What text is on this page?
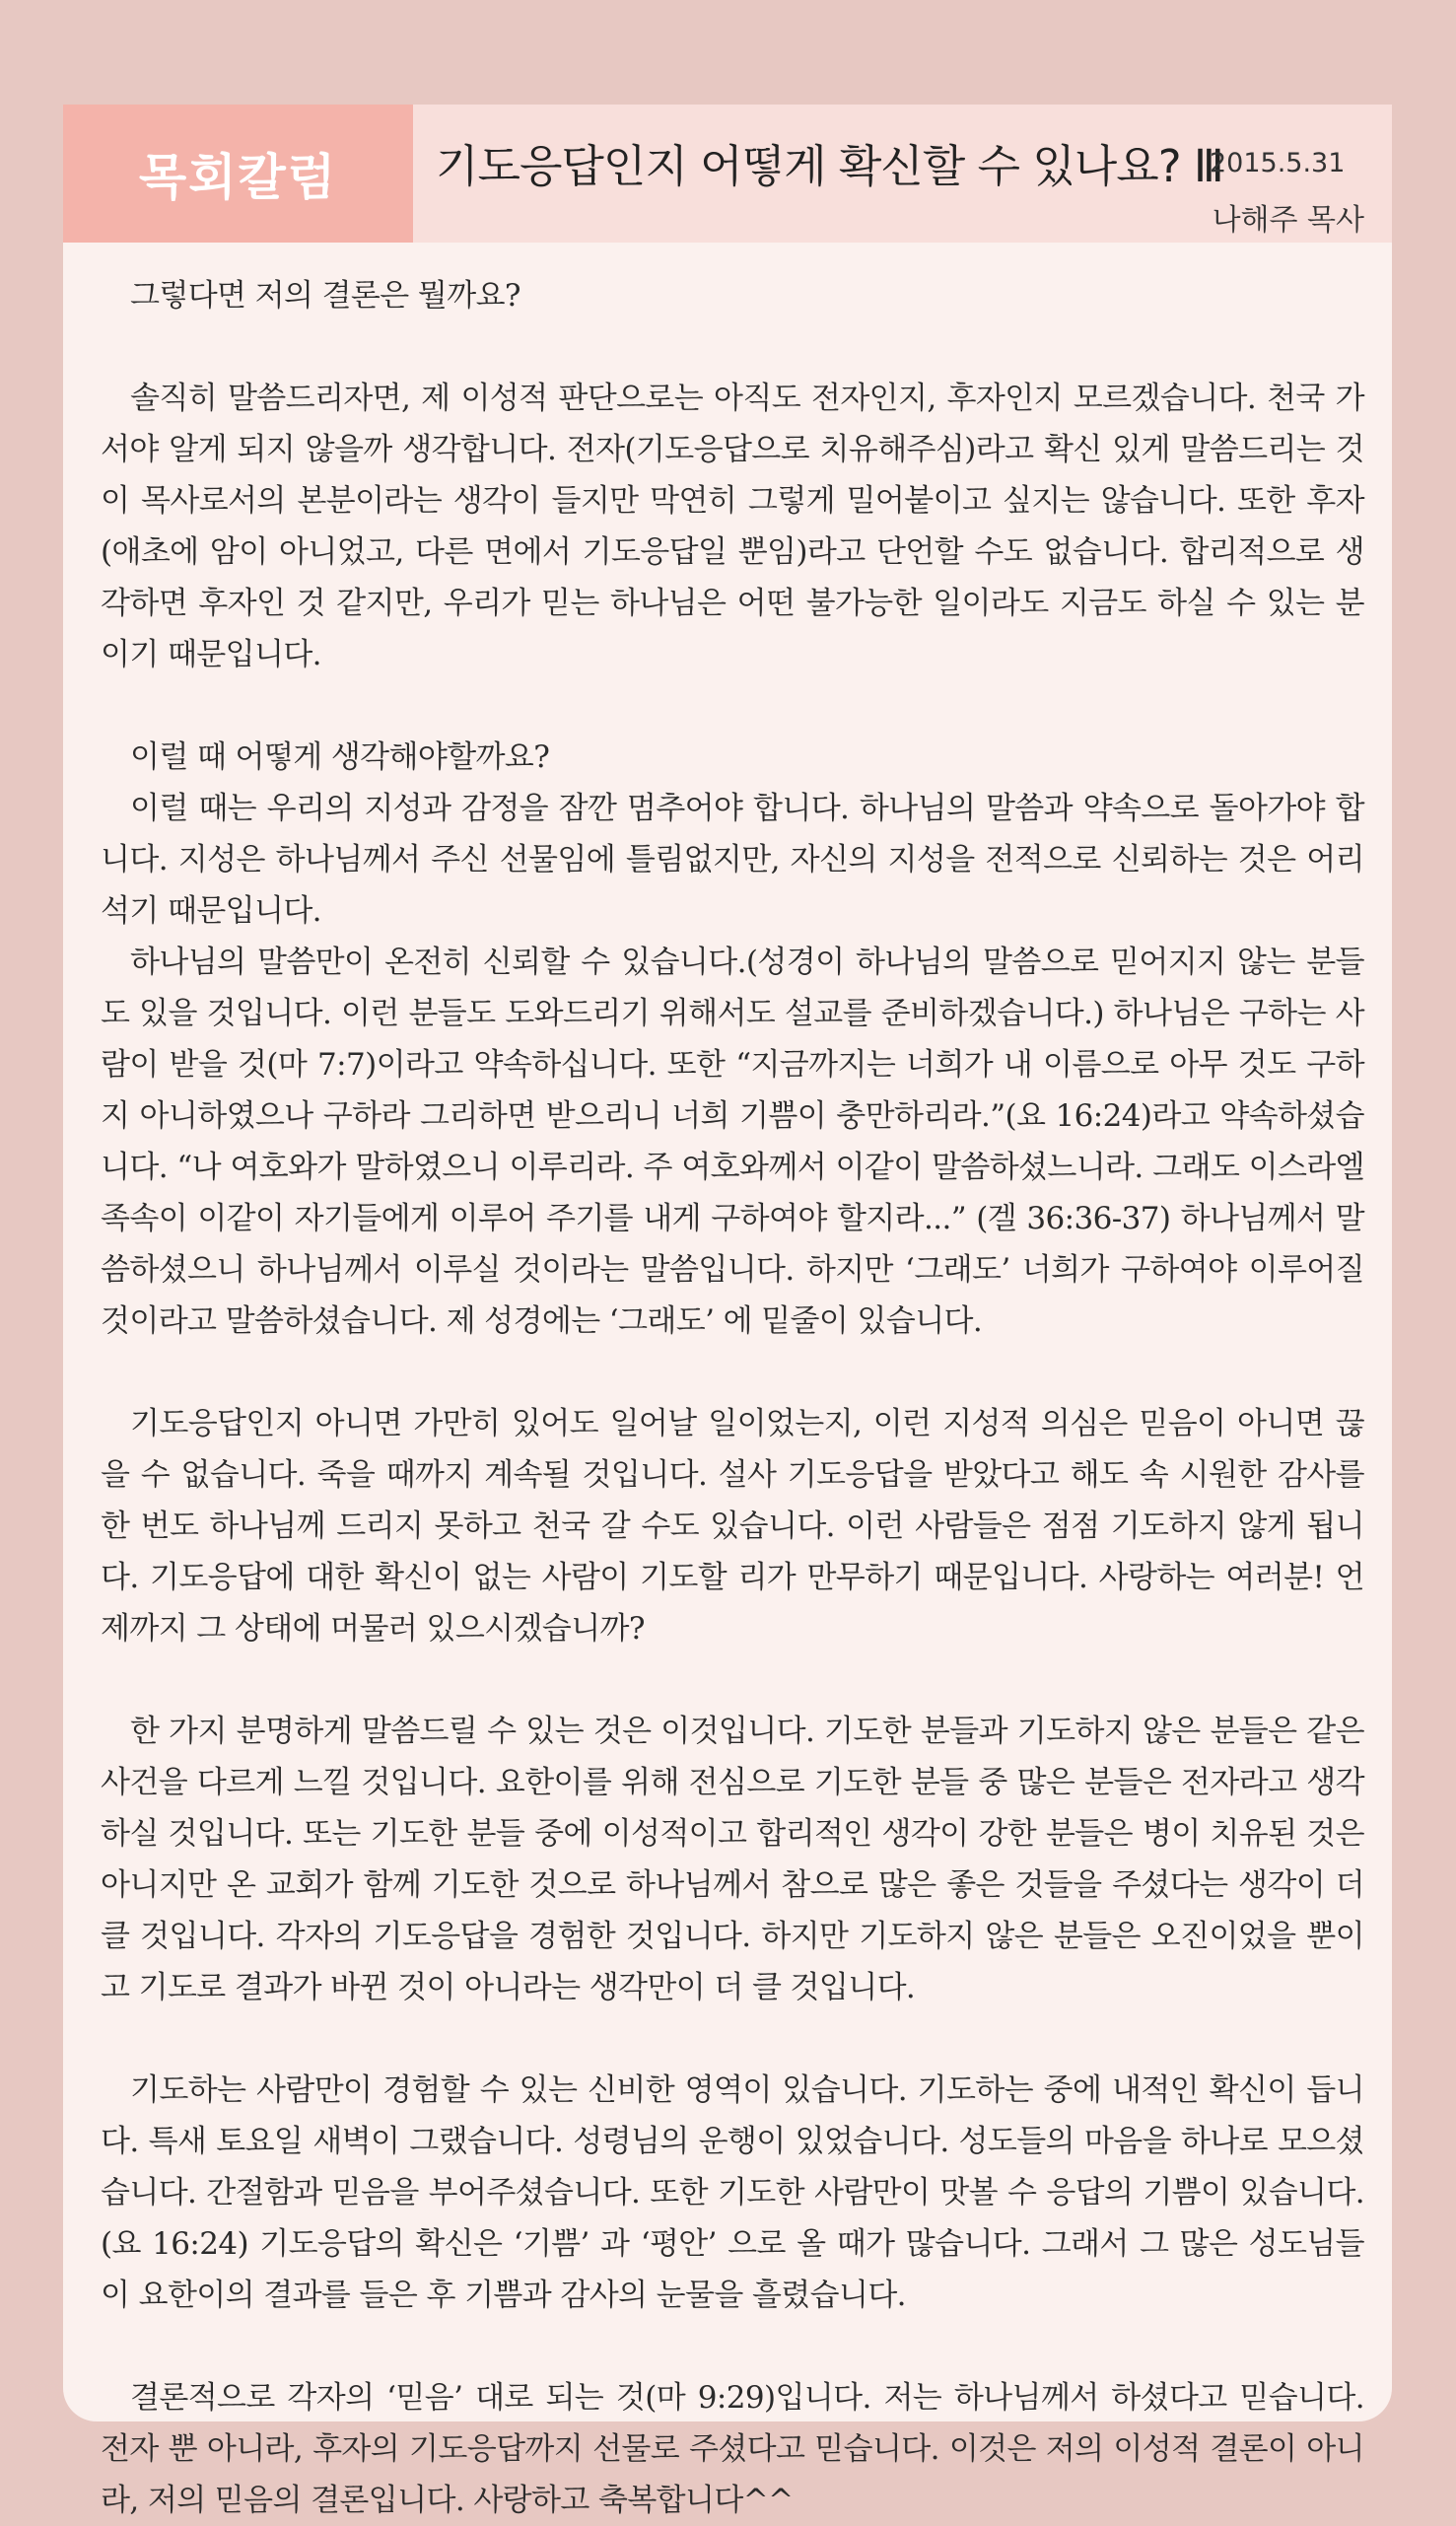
목회칼럼 기도응답인지 어떻게 확신할 수 있나요? Ⅲ
2015.5.31
나해주 목사

그렇다면 저의 결론은 뭘까요?

솔직히 말씀드리자면, 제 이성적 판단으로는 아직도 전자인지, 후자인지 모르겠습니다. 천국 가서야 알게 되지 않을까 생각합니다. 전자(기도응답으로 치유해주심)라고 확신 있게 말씀드리는 것이 목사로서의 본분이라는 생각이 들지만 막연히 그렇게 밀어붙이고 싶지는 않습니다. 또한 후자(애초에 암이 아니었고, 다른 면에서 기도응답일 뿐임)라고 단언할 수도 없습니다. 합리적으로 생각하면 후자인 것 같지만, 우리가 믿는 하나님은 어떤 불가능한 일이라도 지금도 하실 수 있는 분이기 때문입니다.

이럴 때 어떻게 생각해야할까요?

이럴 때는 우리의 지성과 감정을 잠깐 멈추어야 합니다. 하나님의 말씀과 약속으로 돌아가야 합니다. 지성은 하나님께서 주신 선물임에 틀림없지만, 자신의 지성을 전적으로 신뢰하는 것은 어리석기 때문입니다.

하나님의 말씀만이 온전히 신뢰할 수 있습니다.(성경이 하나님의 말씀으로 믿어지지 않는 분들도 있을 것입니다. 이런 분들도 도와드리기 위해서도 설교를 준비하겠습니다.) 하나님은 구하는 사람이 받을 것(마 7:7)이라고 약속하십니다. 또한 “지금까지는 너희가 내 이름으로 아무 것도 구하지 아니하였으나 구하라 그리하면 받으리니 너희 기쁨이 충만하리라.”(요 16:24)라고 약속하셨습니다. “나 여호와가 말하였으니 이루리라. 주 여호와께서 이같이 말씀하셨느니라. 그래도 이스라엘 족속이 이같이 자기들에게 이루어 주기를 내게 구하여야 할지라...” (겔 36:36-37) 하나님께서 말씀하셨으니 하나님께서 이루실 것이라는 말씀입니다. 하지만 ‘그래도’ 너희가 구하여야 이루어질 것이라고 말씀하셨습니다. 제 성경에는 ‘그래도’ 에 밑줄이 있습니다.

기도응답인지 아니면 가만히 있어도 일어날 일이었는지, 이런 지성적 의심은 믿음이 아니면 끊을 수 없습니다. 죽을 때까지 계속될 것입니다. 설사 기도응답을 받았다고 해도 속 시원한 감사를 한 번도 하나님께 드리지 못하고 천국 갈 수도 있습니다. 이런 사람들은 점점 기도하지 않게 됩니다. 기도응답에 대한 확신이 없는 사람이 기도할 리가 만무하기 때문입니다. 사랑하는 여러분! 언제까지 그 상태에 머물러 있으시겠습니까?

한 가지 분명하게 말씀드릴 수 있는 것은 이것입니다. 기도한 분들과 기도하지 않은 분들은 같은 사건을 다르게 느낄 것입니다. 요한이를 위해 전심으로 기도한 분들 중 많은 분들은 전자라고 생각하실 것입니다. 또는 기도한 분들 중에 이성적이고 합리적인 생각이 강한 분들은 병이 치유된 것은 아니지만 온 교회가 함께 기도한 것으로 하나님께서 참으로 많은 좋은 것들을 주셨다는 생각이 더 클 것입니다. 각자의 기도응답을 경험한 것입니다. 하지만 기도하지 않은 분들은 오진이었을 뿐이고 기도로 결과가 바뀐 것이 아니라는 생각만이 더 클 것입니다.

기도하는 사람만이 경험할 수 있는 신비한 영역이 있습니다. 기도하는 중에 내적인 확신이 듭니다. 특새 토요일 새벽이 그랬습니다. 성령님의 운행이 있었습니다. 성도들의 마음을 하나로 모으셨습니다. 간절함과 믿음을 부어주셨습니다. 또한 기도한 사람만이 맛볼 수 응답의 기쁨이 있습니다.(요 16:24) 기도응답의 확신은 ‘기쁨’ 과 ‘평안’ 으로 올 때가 많습니다. 그래서 그 많은 성도님들이 요한이의 결과를 들은 후 기쁨과 감사의 눈물을 흘렸습니다.

결론적으로 각자의 ‘믿음’ 대로 되는 것(마 9:29)입니다. 저는 하나님께서 하셨다고 믿습니다. 전자 뿐 아니라, 후자의 기도응답까지 선물로 주셨다고 믿습니다. 이것은 저의 이성적 결론이 아니라, 저의 믿음의 결론입니다. 사랑하고 축복합니다^^
